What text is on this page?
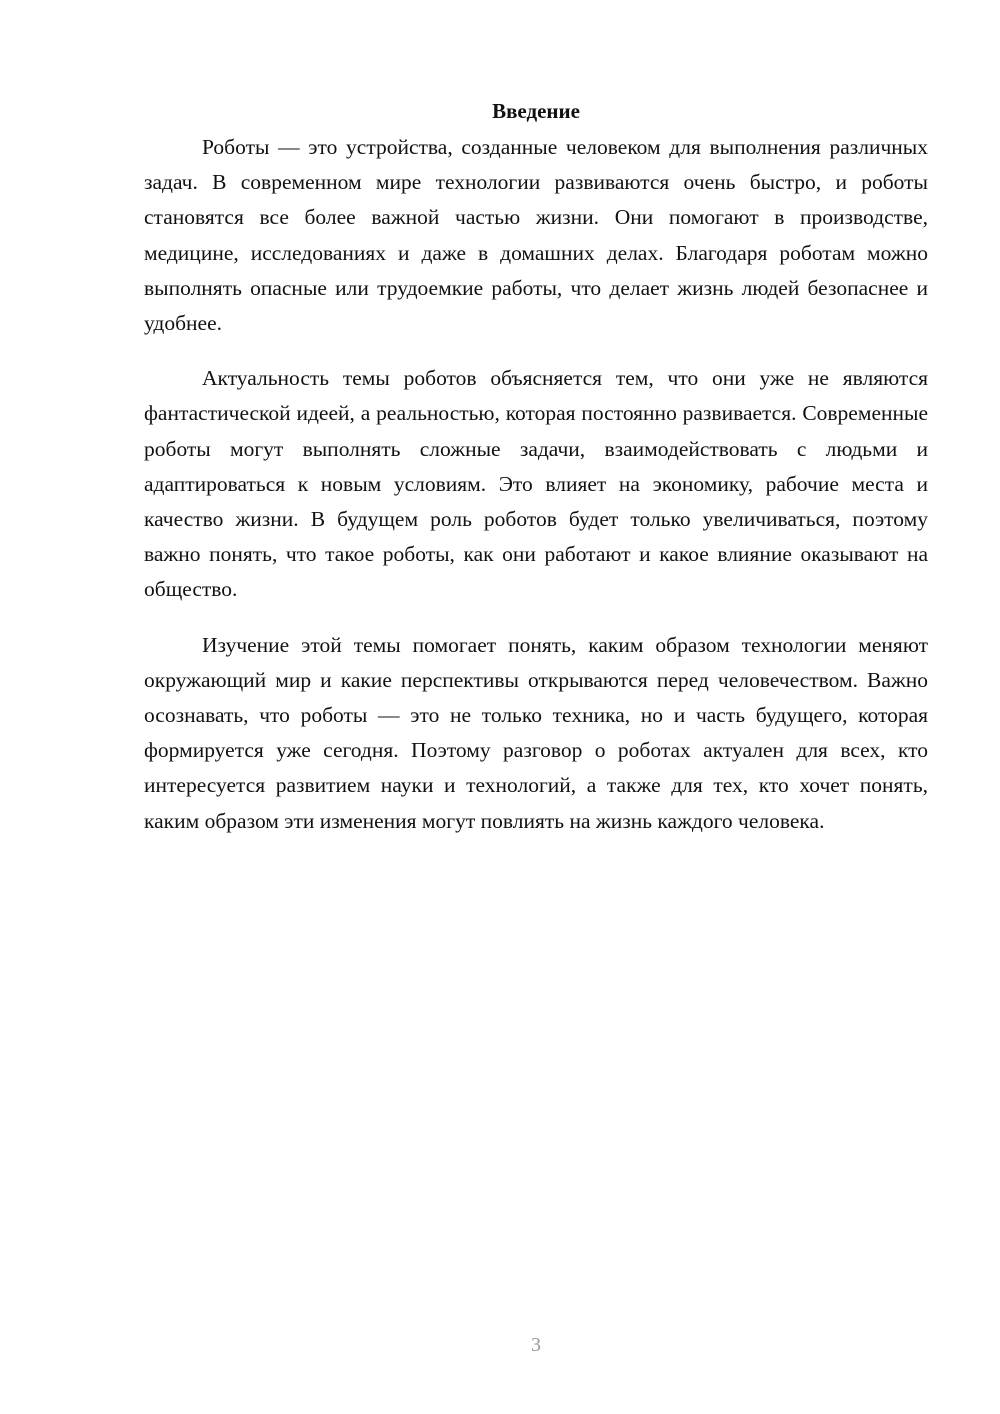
Введение

Роботы — это устройства, созданные человеком для выполнения различных задач. В современном мире технологии развиваются очень быстро, и роботы становятся все более важной частью жизни. Они помогают в производстве, медицине, исследованиях и даже в домашних делах. Благодаря роботам можно выполнять опасные или трудоемкие работы, что делает жизнь людей безопаснее и удобнее.

Актуальность темы роботов объясняется тем, что они уже не являются фантастической идеей, а реальностью, которая постоянно развивается. Современные роботы могут выполнять сложные задачи, взаимодействовать с людьми и адаптироваться к новым условиям. Это влияет на экономику, рабочие места и качество жизни. В будущем роль роботов будет только увеличиваться, поэтому важно понять, что такое роботы, как они работают и какое влияние оказывают на общество.

Изучение этой темы помогает понять, каким образом технологии меняют окружающий мир и какие перспективы открываются перед человечеством. Важно осознавать, что роботы — это не только техника, но и часть будущего, которая формируется уже сегодня. Поэтому разговор о роботах актуален для всех, кто интересуется развитием науки и технологий, а также для тех, кто хочет понять, каким образом эти изменения могут повлиять на жизнь каждого человека.

3
